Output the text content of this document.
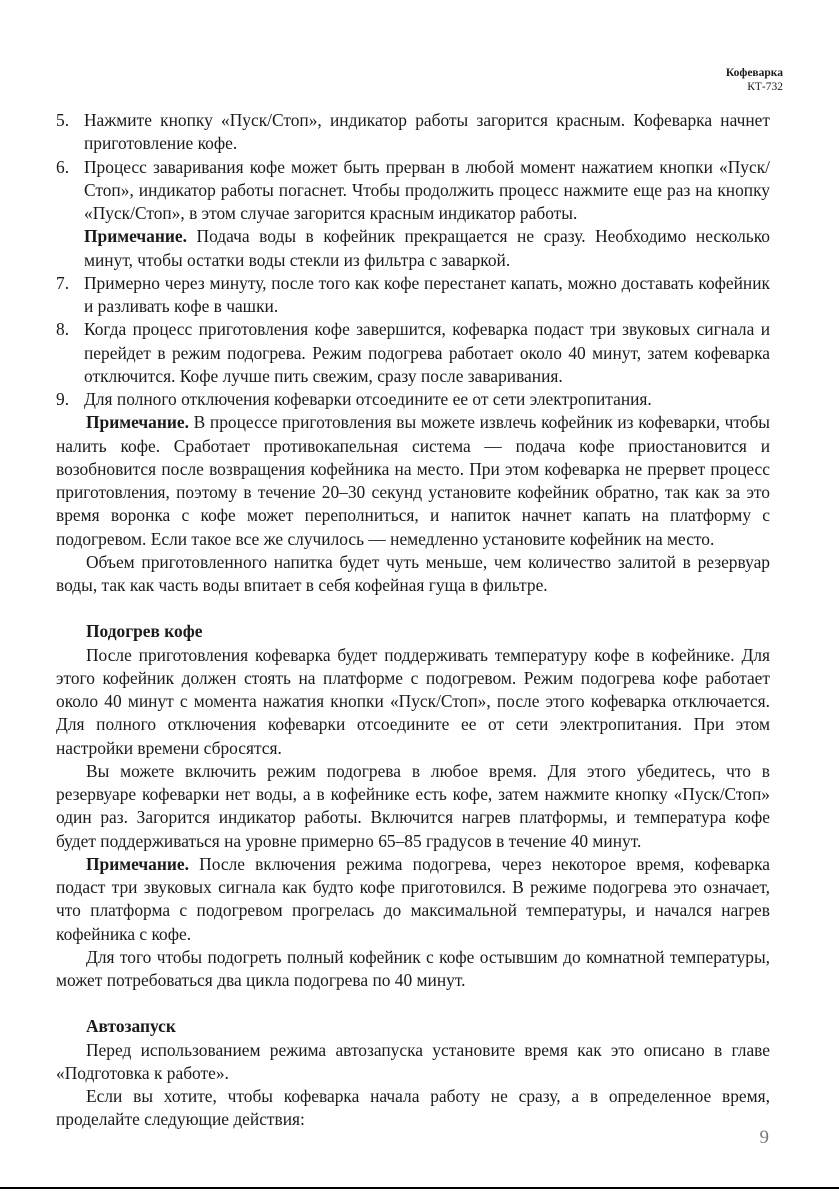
Кофеварка
КТ-732
5. Нажмите кнопку «Пуск/Стоп», индикатор работы загорится красным. Кофеварка начнет приготовление кофе.
6. Процесс заваривания кофе может быть прерван в любой момент нажатием кнопки «Пуск/Стоп», индикатор работы погаснет. Чтобы продолжить процесс нажмите еще раз на кнопку «Пуск/Стоп», в этом случае загорится красным индикатор работы.
Примечание. Подача воды в кофейник прекращается не сразу. Необходимо несколько минут, чтобы остатки воды стекли из фильтра с заваркой.
7. Примерно через минуту, после того как кофе перестанет капать, можно доставать кофейник и разливать кофе в чашки.
8. Когда процесс приготовления кофе завершится, кофеварка подаст три звуковых сигнала и перейдет в режим подогрева. Режим подогрева работает около 40 минут, затем кофеварка отключится. Кофе лучше пить свежим, сразу после заваривания.
9. Для полного отключения кофеварки отсоедините ее от сети электропитания.

Примечание. В процессе приготовления вы можете извлечь кофейник из кофеварки, чтобы налить кофе. Сработает противокапельная система — подача кофе приостановится и возобновится после возвращения кофейника на место. При этом кофеварка не прервет процесс приготовления, поэтому в течение 20–30 секунд установите кофейник обратно, так как за это время воронка с кофе может переполниться, и напиток начнет капать на платформу с подогревом. Если такое все же случилось — немедленно установите кофейник на место.

Объем приготовленного напитка будет чуть меньше, чем количество залитой в резервуар воды, так как часть воды впитает в себя кофейная гуща в фильтре.

Подогрев кофе

После приготовления кофеварка будет поддерживать температуру кофе в кофейнике. Для этого кофейник должен стоять на платформе с подогревом. Режим подогрева кофе работает около 40 минут с момента нажатия кнопки «Пуск/Стоп», после этого кофеварка отключается. Для полного отключения кофеварки отсоедините ее от сети электропитания. При этом настройки времени сбросятся.

Вы можете включить режим подогрева в любое время. Для этого убедитесь, что в резервуаре кофеварки нет воды, а в кофейнике есть кофе, затем нажмите кнопку «Пуск/Стоп» один раз. Загорится индикатор работы. Включится нагрев платформы, и температура кофе будет поддерживаться на уровне примерно 65–85 градусов в течение 40 минут.

Примечание. После включения режима подогрева, через некоторое время, кофеварка подаст три звуковых сигнала как будто кофе приготовился. В режиме подогрева это означает, что платформа с подогревом прогрелась до максимальной температуры, и начался нагрев кофейника с кофе.

Для того чтобы подогреть полный кофейник с кофе остывшим до комнатной температуры, может потребоваться два цикла подогрева по 40 минут.

Автозапуск

Перед использованием режима автозапуска установите время как это описано в главе «Подготовка к работе».

Если вы хотите, чтобы кофеварка начала работу не сразу, а в определенное время, проделайте следующие действия:

9
